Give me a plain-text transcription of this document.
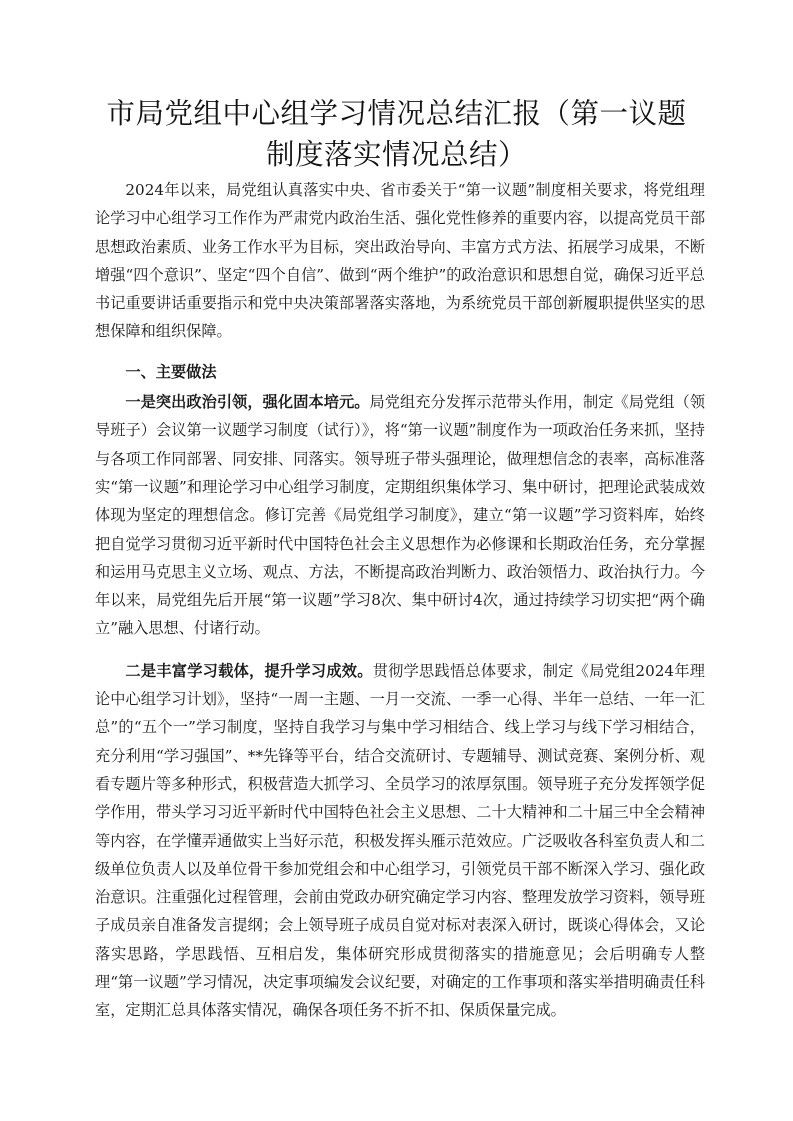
市局党组中心组学习情况总结汇报（第一议题
制度落实情况总结）

2024年以来，局党组认真落实中央、省市委关于“第一议题”制度相关要求，将党组理论学习中心组学习工作作为严肃党内政治生活、强化党性修养的重要内容，以提高党员干部思想政治素质、业务工作水平为目标，突出政治导向、丰富方式方法、拓展学习成果，不断增强“四个意识”、坚定“四个自信”、做到“两个维护”的政治意识和思想自觉，确保习近平总书记重要讲话重要指示和党中央决策部署落实落地，为系统党员干部创新履职提供坚实的思想保障和组织保障。

一、主要做法

一是突出政治引领，强化固本培元。局党组充分发挥示范带头作用，制定《局党组（领导班子）会议第一议题学习制度（试行）》，将“第一议题”制度作为一项政治任务来抓，坚持与各项工作同部署、同安排、同落实。领导班子带头强理论，做理想信念的表率，高标准落实“第一议题”和理论学习中心组学习制度，定期组织集体学习、集中研讨，把理论武装成效体现为坚定的理想信念。修订完善《局党组学习制度》，建立“第一议题”学习资料库，始终把自觉学习贯彻习近平新时代中国特色社会主义思想作为必修课和长期政治任务，充分掌握和运用马克思主义立场、观点、方法，不断提高政治判断力、政治领悟力、政治执行力。今年以来，局党组先后开展“第一议题”学习8次、集中研讨4次，通过持续学习切实把“两个确立”融入思想、付诸行动。

二是丰富学习载体，提升学习成效。贯彻学思践悟总体要求，制定《局党组2024年理论中心组学习计划》，坚持“一周一主题、一月一交流、一季一心得、半年一总结、一年一汇总”的“五个一”学习制度，坚持自我学习与集中学习相结合、线上学习与线下学习相结合，充分利用“学习强国”、**先锋等平台，结合交流研讨、专题辅导、测试竞赛、案例分析、观看专题片等多种形式，积极营造大抓学习、全员学习的浓厚氛围。领导班子充分发挥领学促学作用，带头学习习近平新时代中国特色社会主义思想、二十大精神和二十届三中全会精神等内容，在学懂弄通做实上当好示范，积极发挥头雁示范效应。广泛吸收各科室负责人和二级单位负责人以及单位骨干参加党组会和中心组学习，引领党员干部不断深入学习、强化政治意识。注重强化过程管理，会前由党政办研究确定学习内容、整理发放学习资料，领导班子成员亲自准备发言提纲；会上领导班子成员自觉对标对表深入研讨，既谈心得体会，又论落实思路，学思践悟、互相启发，集体研究形成贯彻落实的措施意见；会后明确专人整理“第一议题”学习情况，决定事项编发会议纪要，对确定的工作事项和落实举措明确责任科室，定期汇总具体落实情况，确保各项任务不折不扣、保质保量完成。
